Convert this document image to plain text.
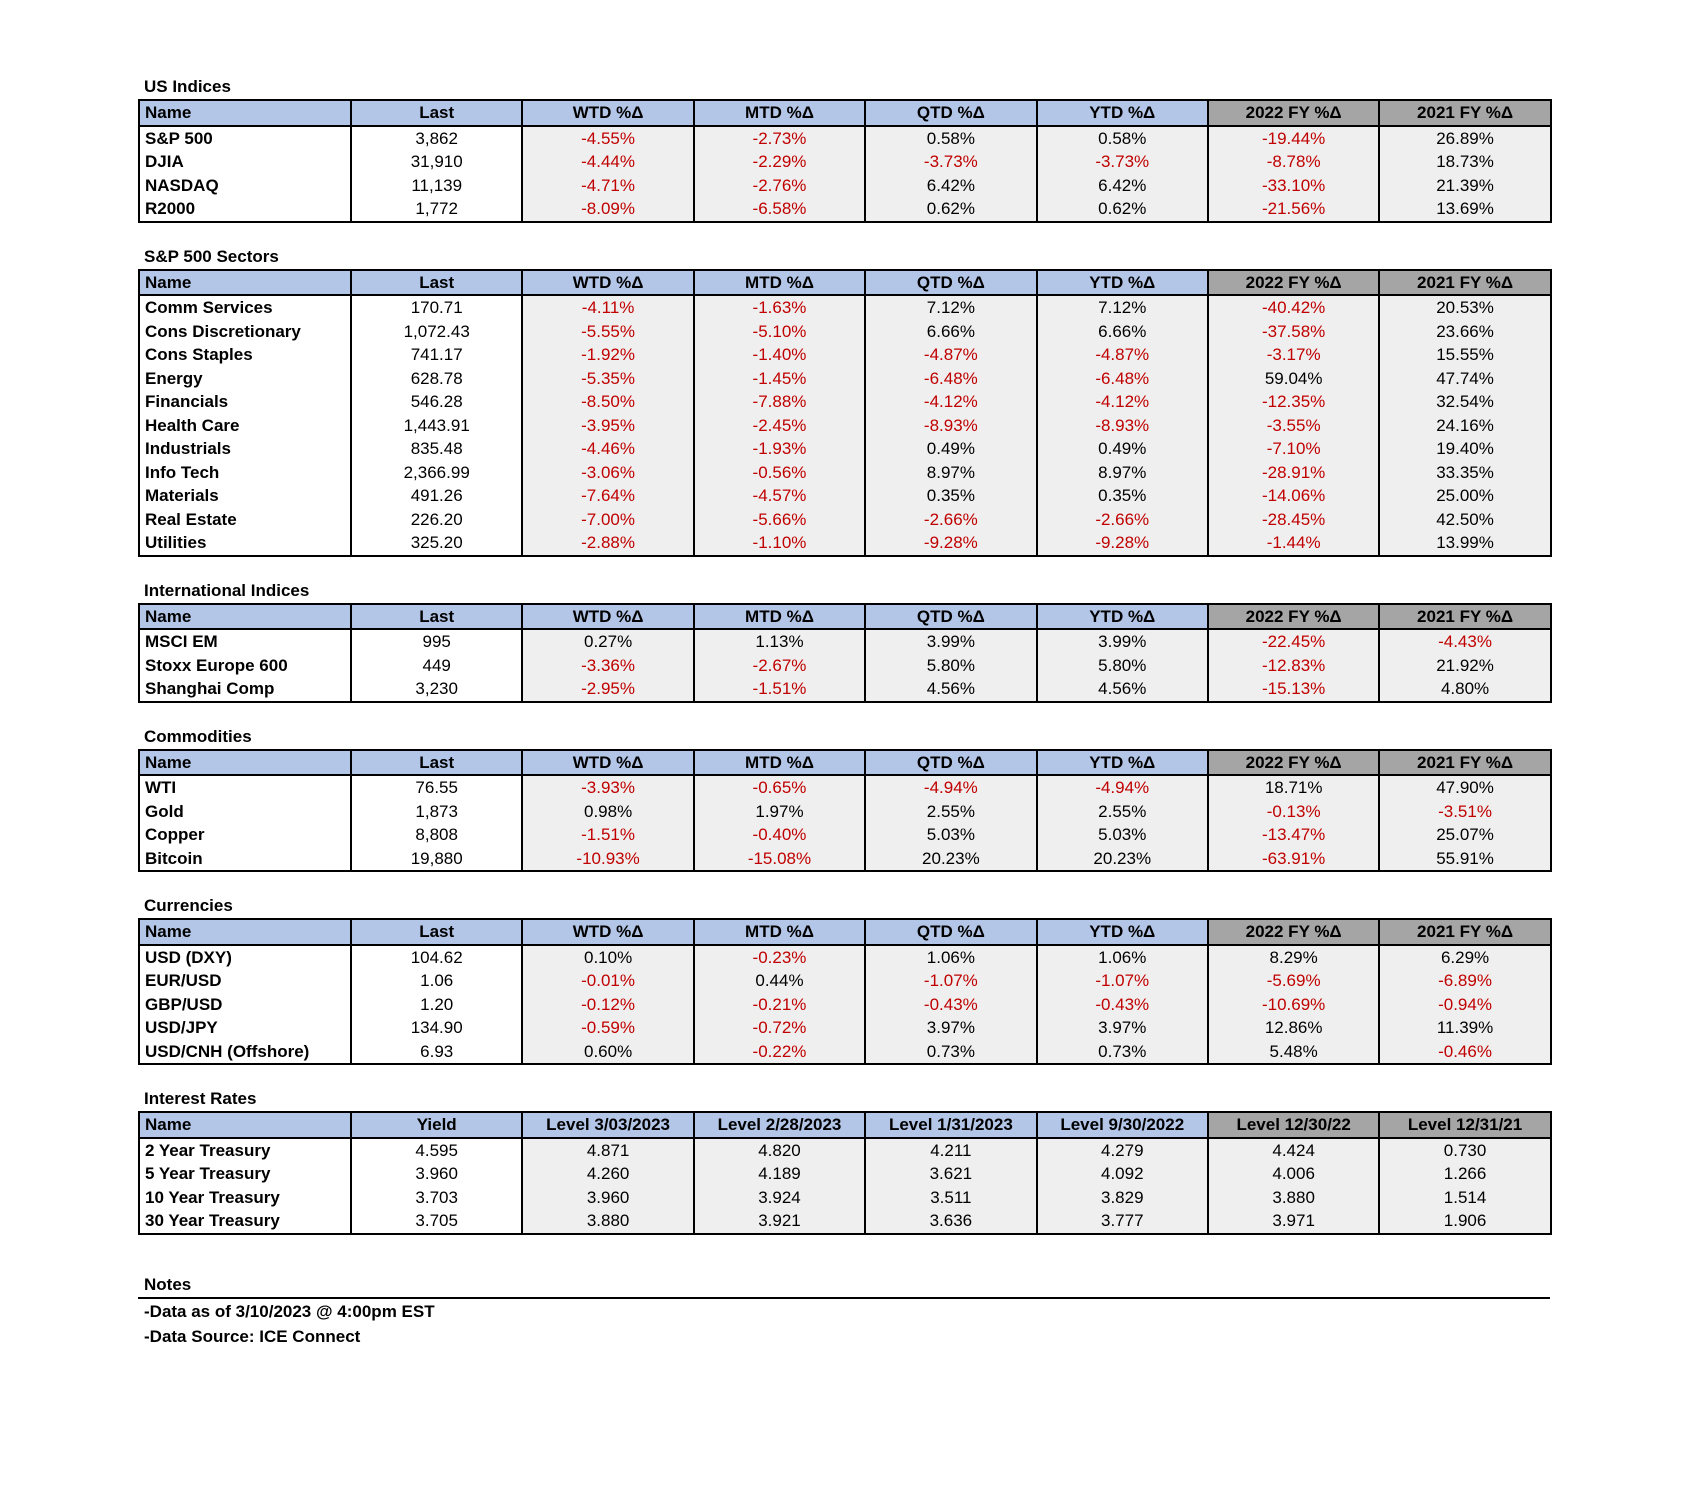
US Indices
Name	Last	WTD %Δ	MTD %Δ	QTD %Δ	YTD %Δ	2022 FY %Δ	2021 FY %Δ
S&P 500	3,862	-4.55%	-2.73%	0.58%	0.58%	-19.44%	26.89%
DJIA	31,910	-4.44%	-2.29%	-3.73%	-3.73%	-8.78%	18.73%
NASDAQ	11,139	-4.71%	-2.76%	6.42%	6.42%	-33.10%	21.39%
R2000	1,772	-8.09%	-6.58%	0.62%	0.62%	-21.56%	13.69%
S&P 500 Sectors
Name	Last	WTD %Δ	MTD %Δ	QTD %Δ	YTD %Δ	2022 FY %Δ	2021 FY %Δ
Comm Services	170.71	-4.11%	-1.63%	7.12%	7.12%	-40.42%	20.53%
Cons Discretionary	1,072.43	-5.55%	-5.10%	6.66%	6.66%	-37.58%	23.66%
Cons Staples	741.17	-1.92%	-1.40%	-4.87%	-4.87%	-3.17%	15.55%
Energy	628.78	-5.35%	-1.45%	-6.48%	-6.48%	59.04%	47.74%
Financials	546.28	-8.50%	-7.88%	-4.12%	-4.12%	-12.35%	32.54%
Health Care	1,443.91	-3.95%	-2.45%	-8.93%	-8.93%	-3.55%	24.16%
Industrials	835.48	-4.46%	-1.93%	0.49%	0.49%	-7.10%	19.40%
Info Tech	2,366.99	-3.06%	-0.56%	8.97%	8.97%	-28.91%	33.35%
Materials	491.26	-7.64%	-4.57%	0.35%	0.35%	-14.06%	25.00%
Real Estate	226.20	-7.00%	-5.66%	-2.66%	-2.66%	-28.45%	42.50%
Utilities	325.20	-2.88%	-1.10%	-9.28%	-9.28%	-1.44%	13.99%
International Indices
Name	Last	WTD %Δ	MTD %Δ	QTD %Δ	YTD %Δ	2022 FY %Δ	2021 FY %Δ
MSCI EM	995	0.27%	1.13%	3.99%	3.99%	-22.45%	-4.43%
Stoxx Europe 600	449	-3.36%	-2.67%	5.80%	5.80%	-12.83%	21.92%
Shanghai Comp	3,230	-2.95%	-1.51%	4.56%	4.56%	-15.13%	4.80%
Commodities
Name	Last	WTD %Δ	MTD %Δ	QTD %Δ	YTD %Δ	2022 FY %Δ	2021 FY %Δ
WTI	76.55	-3.93%	-0.65%	-4.94%	-4.94%	18.71%	47.90%
Gold	1,873	0.98%	1.97%	2.55%	2.55%	-0.13%	-3.51%
Copper	8,808	-1.51%	-0.40%	5.03%	5.03%	-13.47%	25.07%
Bitcoin	19,880	-10.93%	-15.08%	20.23%	20.23%	-63.91%	55.91%
Currencies
Name	Last	WTD %Δ	MTD %Δ	QTD %Δ	YTD %Δ	2022 FY %Δ	2021 FY %Δ
USD (DXY)	104.62	0.10%	-0.23%	1.06%	1.06%	8.29%	6.29%
EUR/USD	1.06	-0.01%	0.44%	-1.07%	-1.07%	-5.69%	-6.89%
GBP/USD	1.20	-0.12%	-0.21%	-0.43%	-0.43%	-10.69%	-0.94%
USD/JPY	134.90	-0.59%	-0.72%	3.97%	3.97%	12.86%	11.39%
USD/CNH (Offshore)	6.93	0.60%	-0.22%	0.73%	0.73%	5.48%	-0.46%
Interest Rates
Name	Yield	Level 3/03/2023	Level 2/28/2023	Level 1/31/2023	Level 9/30/2022	Level 12/30/22	Level 12/31/21
2 Year Treasury	4.595	4.871	4.820	4.211	4.279	4.424	0.730
5 Year Treasury	3.960	4.260	4.189	3.621	4.092	4.006	1.266
10 Year Treasury	3.703	3.960	3.924	3.511	3.829	3.880	1.514
30 Year Treasury	3.705	3.880	3.921	3.636	3.777	3.971	1.906
Notes
-Data as of 3/10/2023 @ 4:00pm EST
-Data Source: ICE Connect
